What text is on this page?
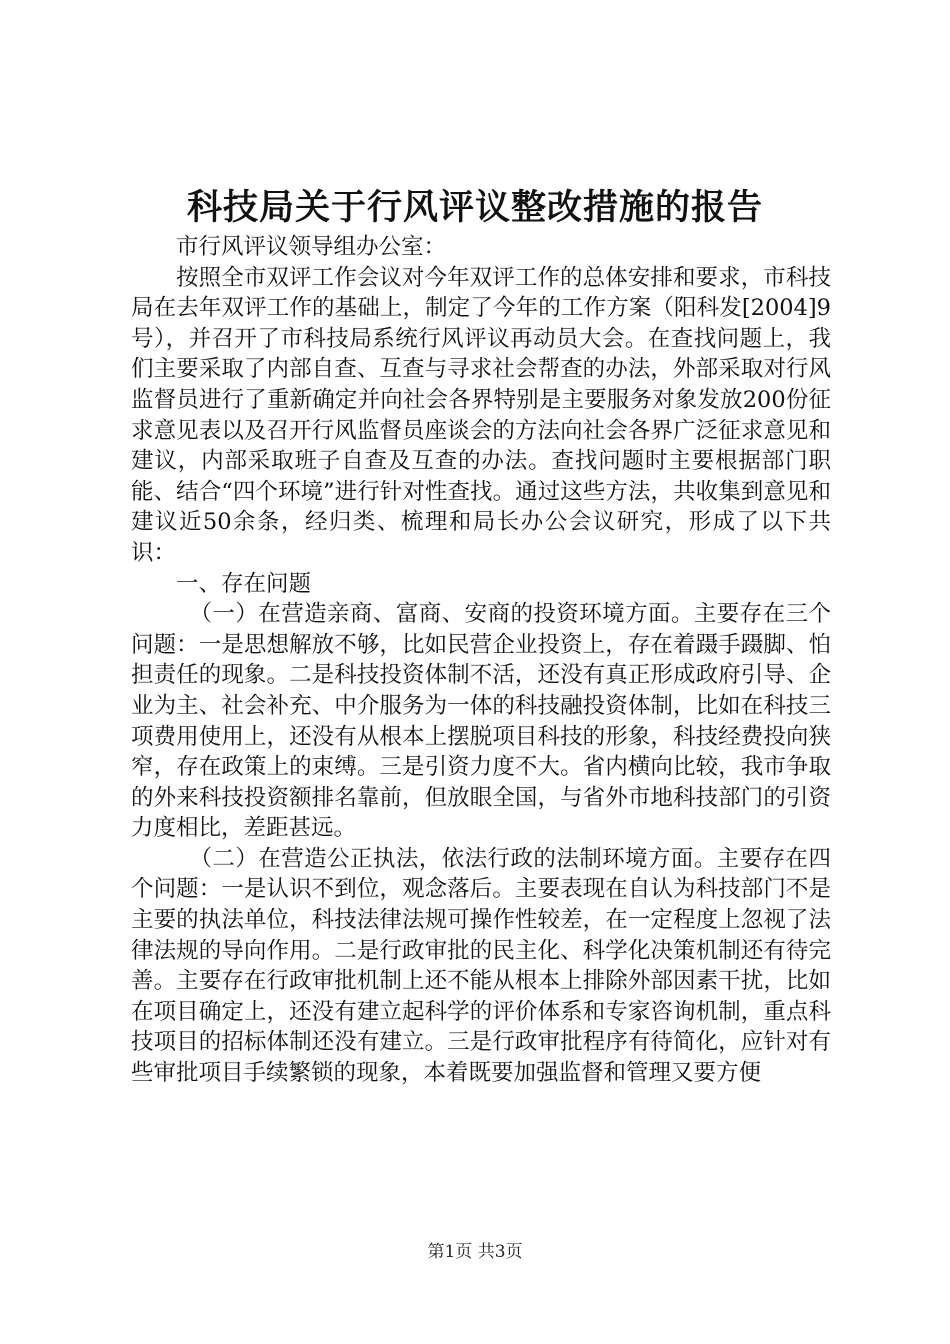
科技局关于行风评议整改措施的报告

市行风评议领导组办公室：

按照全市双评工作会议对今年双评工作的总体安排和要求，市科技局在去年双评工作的基础上，制定了今年的工作方案（阳科发[2004]9号），并召开了市科技局系统行风评议再动员大会。在查找问题上，我们主要采取了内部自查、互查与寻求社会帮查的办法，外部采取对行风监督员进行了重新确定并向社会各界特别是主要服务对象发放200份征求意见表以及召开行风监督员座谈会的方法向社会各界广泛征求意见和建议，内部采取班子自查及互查的办法。查找问题时主要根据部门职能、结合“四个环境”进行针对性查找。通过这些方法，共收集到意见和建议近50余条，经归类、梳理和局长办公会议研究，形成了以下共识：

一、存在问题

（一）在营造亲商、富商、安商的投资环境方面。主要存在三个问题：一是思想解放不够，比如民营企业投资上，存在着蹑手蹑脚、怕担责任的现象。二是科技投资体制不活，还没有真正形成政府引导、企业为主、社会补充、中介服务为一体的科技融投资体制，比如在科技三项费用使用上，还没有从根本上摆脱项目科技的形象，科技经费投向狭窄，存在政策上的束缚。三是引资力度不大。省内横向比较，我市争取的外来科技投资额排名靠前，但放眼全国，与省外市地科技部门的引资力度相比，差距甚远。

（二）在营造公正执法，依法行政的法制环境方面。主要存在四个问题：一是认识不到位，观念落后。主要表现在自认为科技部门不是主要的执法单位，科技法律法规可操作性较差，在一定程度上忽视了法律法规的导向作用。二是行政审批的民主化、科学化决策机制还有待完善。主要存在行政审批机制上还不能从根本上排除外部因素干扰，比如在项目确定上，还没有建立起科学的评价体系和专家咨询机制，重点科技项目的招标体制还没有建立。三是行政审批程序有待简化，应针对有些审批项目手续繁锁的现象，本着既要加强监督和管理又要方便

第1页 共3页
